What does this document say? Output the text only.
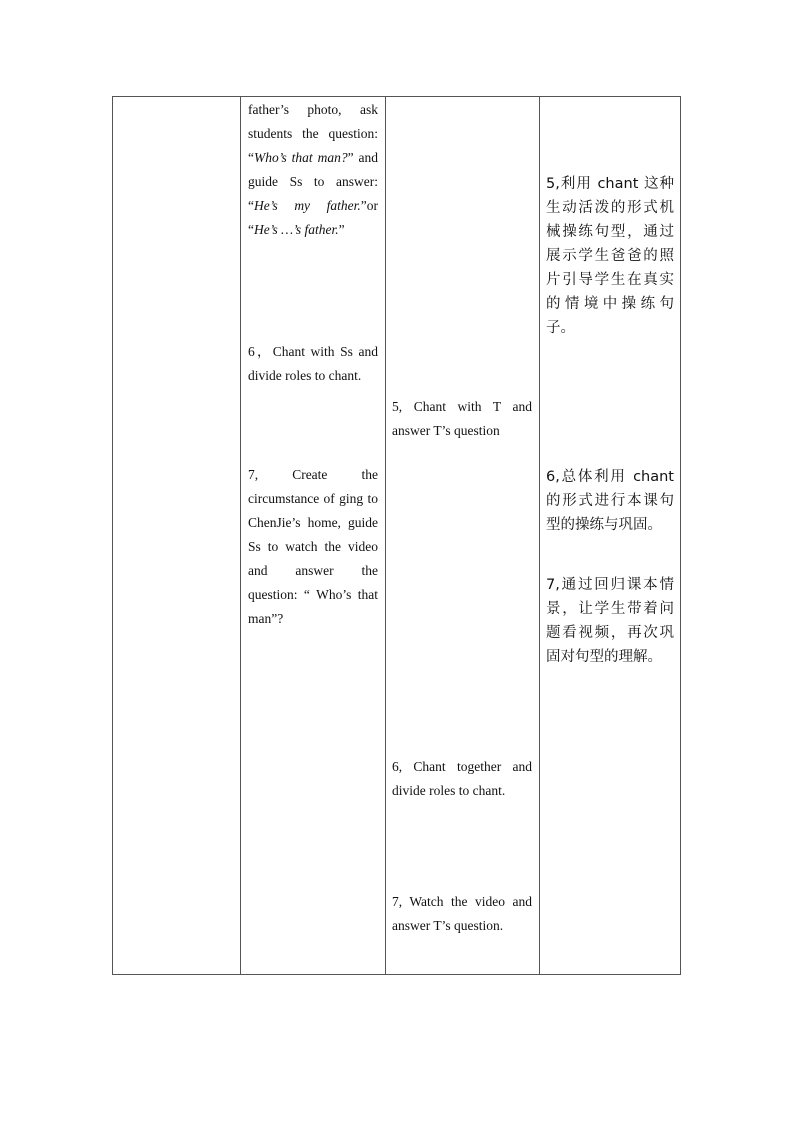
father’s photo, ask students the question: “Who’s that man?” and guide Ss to answer: “He’s my father.”or “He’s …’s father.”
6，Chant with Ss and divide roles to chant.
7, Create the circumstance of ging to ChenJie’s home, guide Ss to watch the video and answer the question: “ Who’s that man”?
5, Chant with T and answer T’s question
6, Chant together and divide roles to chant.
7, Watch the video and answer T’s question.
5,利用 chant 这种生动活泼的形式机械操练句型，通过展示学生爸爸的照片引导学生在真实的情境中操练句子。
6,总体利用 chant 的形式进行本课句型的操练与巩固。
7,通过回归课本情景，让学生带着问题看视频，再次巩固对句型的理解。
